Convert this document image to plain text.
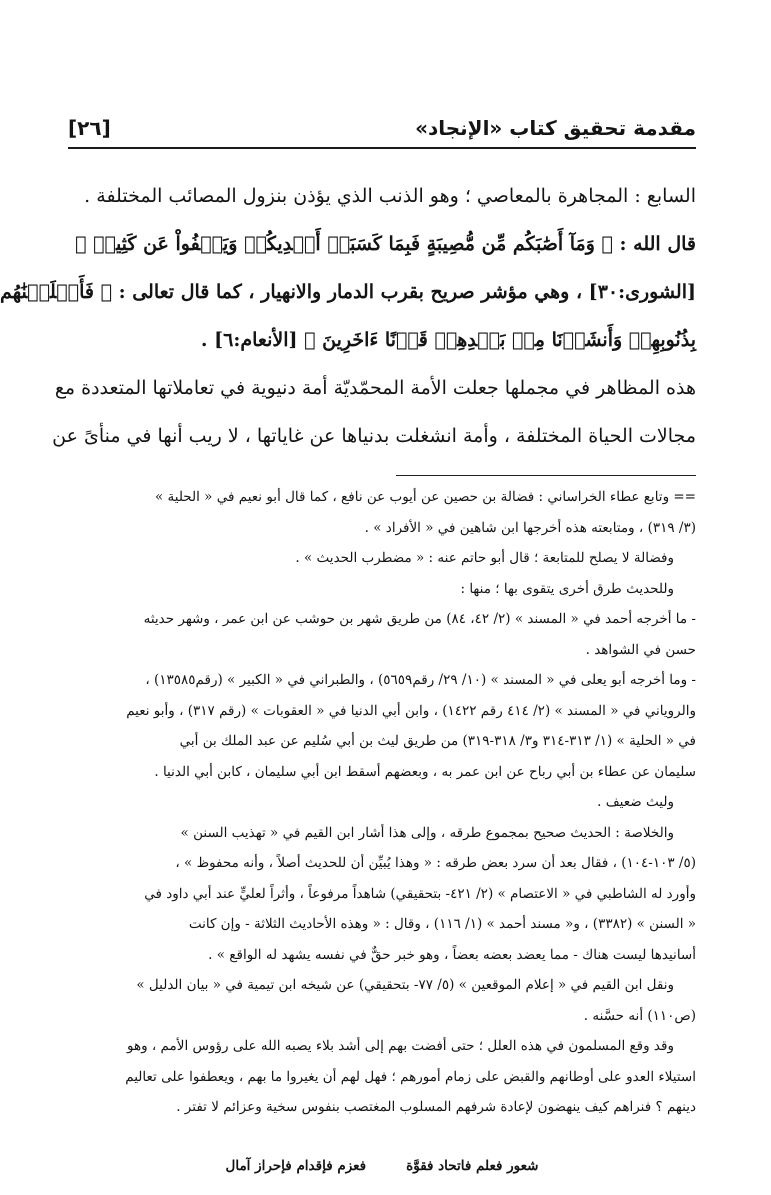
مقدمة تحقيق كتاب «الإنجاد»
[٢٦]

السابع : المجاهرة بالمعاصي ؛ وهو الذنب الذي يؤذن بنزول المصائب المختلفة .

قال الله : ﴿ وَمَآ أَصَٰبَكُم مِّن مُّصِيبَةٍ فَبِمَا كَسَبَتۡ أَيۡدِيكُمۡ وَيَعۡفُواْ عَن كَثِيرٖ ﴾

[الشورى:٣٠] ، وهي مؤشر صريح بقرب الدمار والانهيار ، كما قال تعالى : ﴿ فَأَهۡلَكۡنَٰهُم

بِذُنُوبِهِمۡ وَأَنشَأۡنَا مِنۢ بَعۡدِهِمۡ قَرۡنًا ءَاخَرِينَ ﴾ [الأنعام:٦] .

هذه المظاهر في مجملها جعلت الأمة المحمّديّة أمة دنيوية في تعاملاتها المتعددة مع

مجالات الحياة المختلفة ، وأمة انشغلت بدنياها عن غاياتها ، لا ريب أنها في منأىً عن

== وتابع عطاء الخراساني : فضالة بن حصين عن أيوب عن نافع ، كما قال أبو نعيم في « الحلية »

(٣/ ٣١٩) ، ومتابعته هذه أخرجها ابن شاهين في « الأفراد » .

وفضالة لا يصلح للمتابعة ؛ قال أبو حاتم عنه : « مضطرب الحديث » .

وللحديث طرق أخرى يتقوى بها ؛ منها :

- ما أخرجه أحمد في « المسند » (٢/ ٤٢، ٨٤) من طريق شهر بن حوشب عن ابن عمر ، وشهر حديثه

حسن في الشواهد .

- وما أخرجه أبو يعلى في « المسند » (١٠/ ٢٩/ رقم٥٦٥٩) ، والطبراني في « الكبير » (رقم١٣٥٨٥) ،

والروياني في « المسند » (٢/ ٤١٤ رقم ١٤٢٢) ، وابن أبي الدنيا في « العقوبات » (رقم ٣١٧) ، وأبو نعيم

في « الحلية » (١/ ٣١٣-٣١٤ و٣/ ٣١٨-٣١٩) من طريق ليث بن أبي سُليم عن عبد الملك بن أبي

سليمان عن عطاء بن أبي رباح عن ابن عمر به ، وبعضهم أسقط ابن أبي سليمان ، كابن أبي الدنيا .

وليث ضعيف .

والخلاصة : الحديث صحيح بمجموع طرقه ، وإلى هذا أشار ابن القيم في « تهذيب السنن »

(٥/ ١٠٣-١٠٤) ، فقال بعد أن سرد بعض طرقه : « وهذا يُبيِّن أن للحديث أصلاً ، وأنه محفوظ » ،

وأورد له الشاطبي في « الاعتصام » (٢/ ٤٢١- بتحقيقي) شاهداً مرفوعاً ، وأثراً لعليٍّ عند أبي داود في

« السنن » (٣٣٨٢) ، و« مسند أحمد » (١/ ١١٦) ، وقال : « وهذه الأحاديث الثلاثة - وإن كانت

أسانيدها ليست هناك - مما يعضد بعضه بعضاً ، وهو خبر حقٌّ في نفسه يشهد له الواقع » .

ونقل ابن القيم في « إعلام الموقعين » (٥/ ٧٧- بتحقيقي) عن شيخه ابن تيمية في « بيان الدليل »

(ص١١٠) أنه حسَّنه .

وقد وقع المسلمون في هذه العلل ؛ حتى أفضت بهم إلى أشد بلاء يصبه الله على رؤوس الأمم ، وهو

استيلاء العدو على أوطانهم والقبض على زمام أمورهم ؛ فهل لهم أن يغيروا ما بهم ، ويعطفوا على تعاليم

دينهم ؟ فنراهم كيف ينهضون لإعادة شرفهم المسلوب المغتصب بنفوس سخية وعزائم لا تفتر .

شعور فعلم فاتحاد فقوَّة
فعزم فإقدام فإحراز آمال
